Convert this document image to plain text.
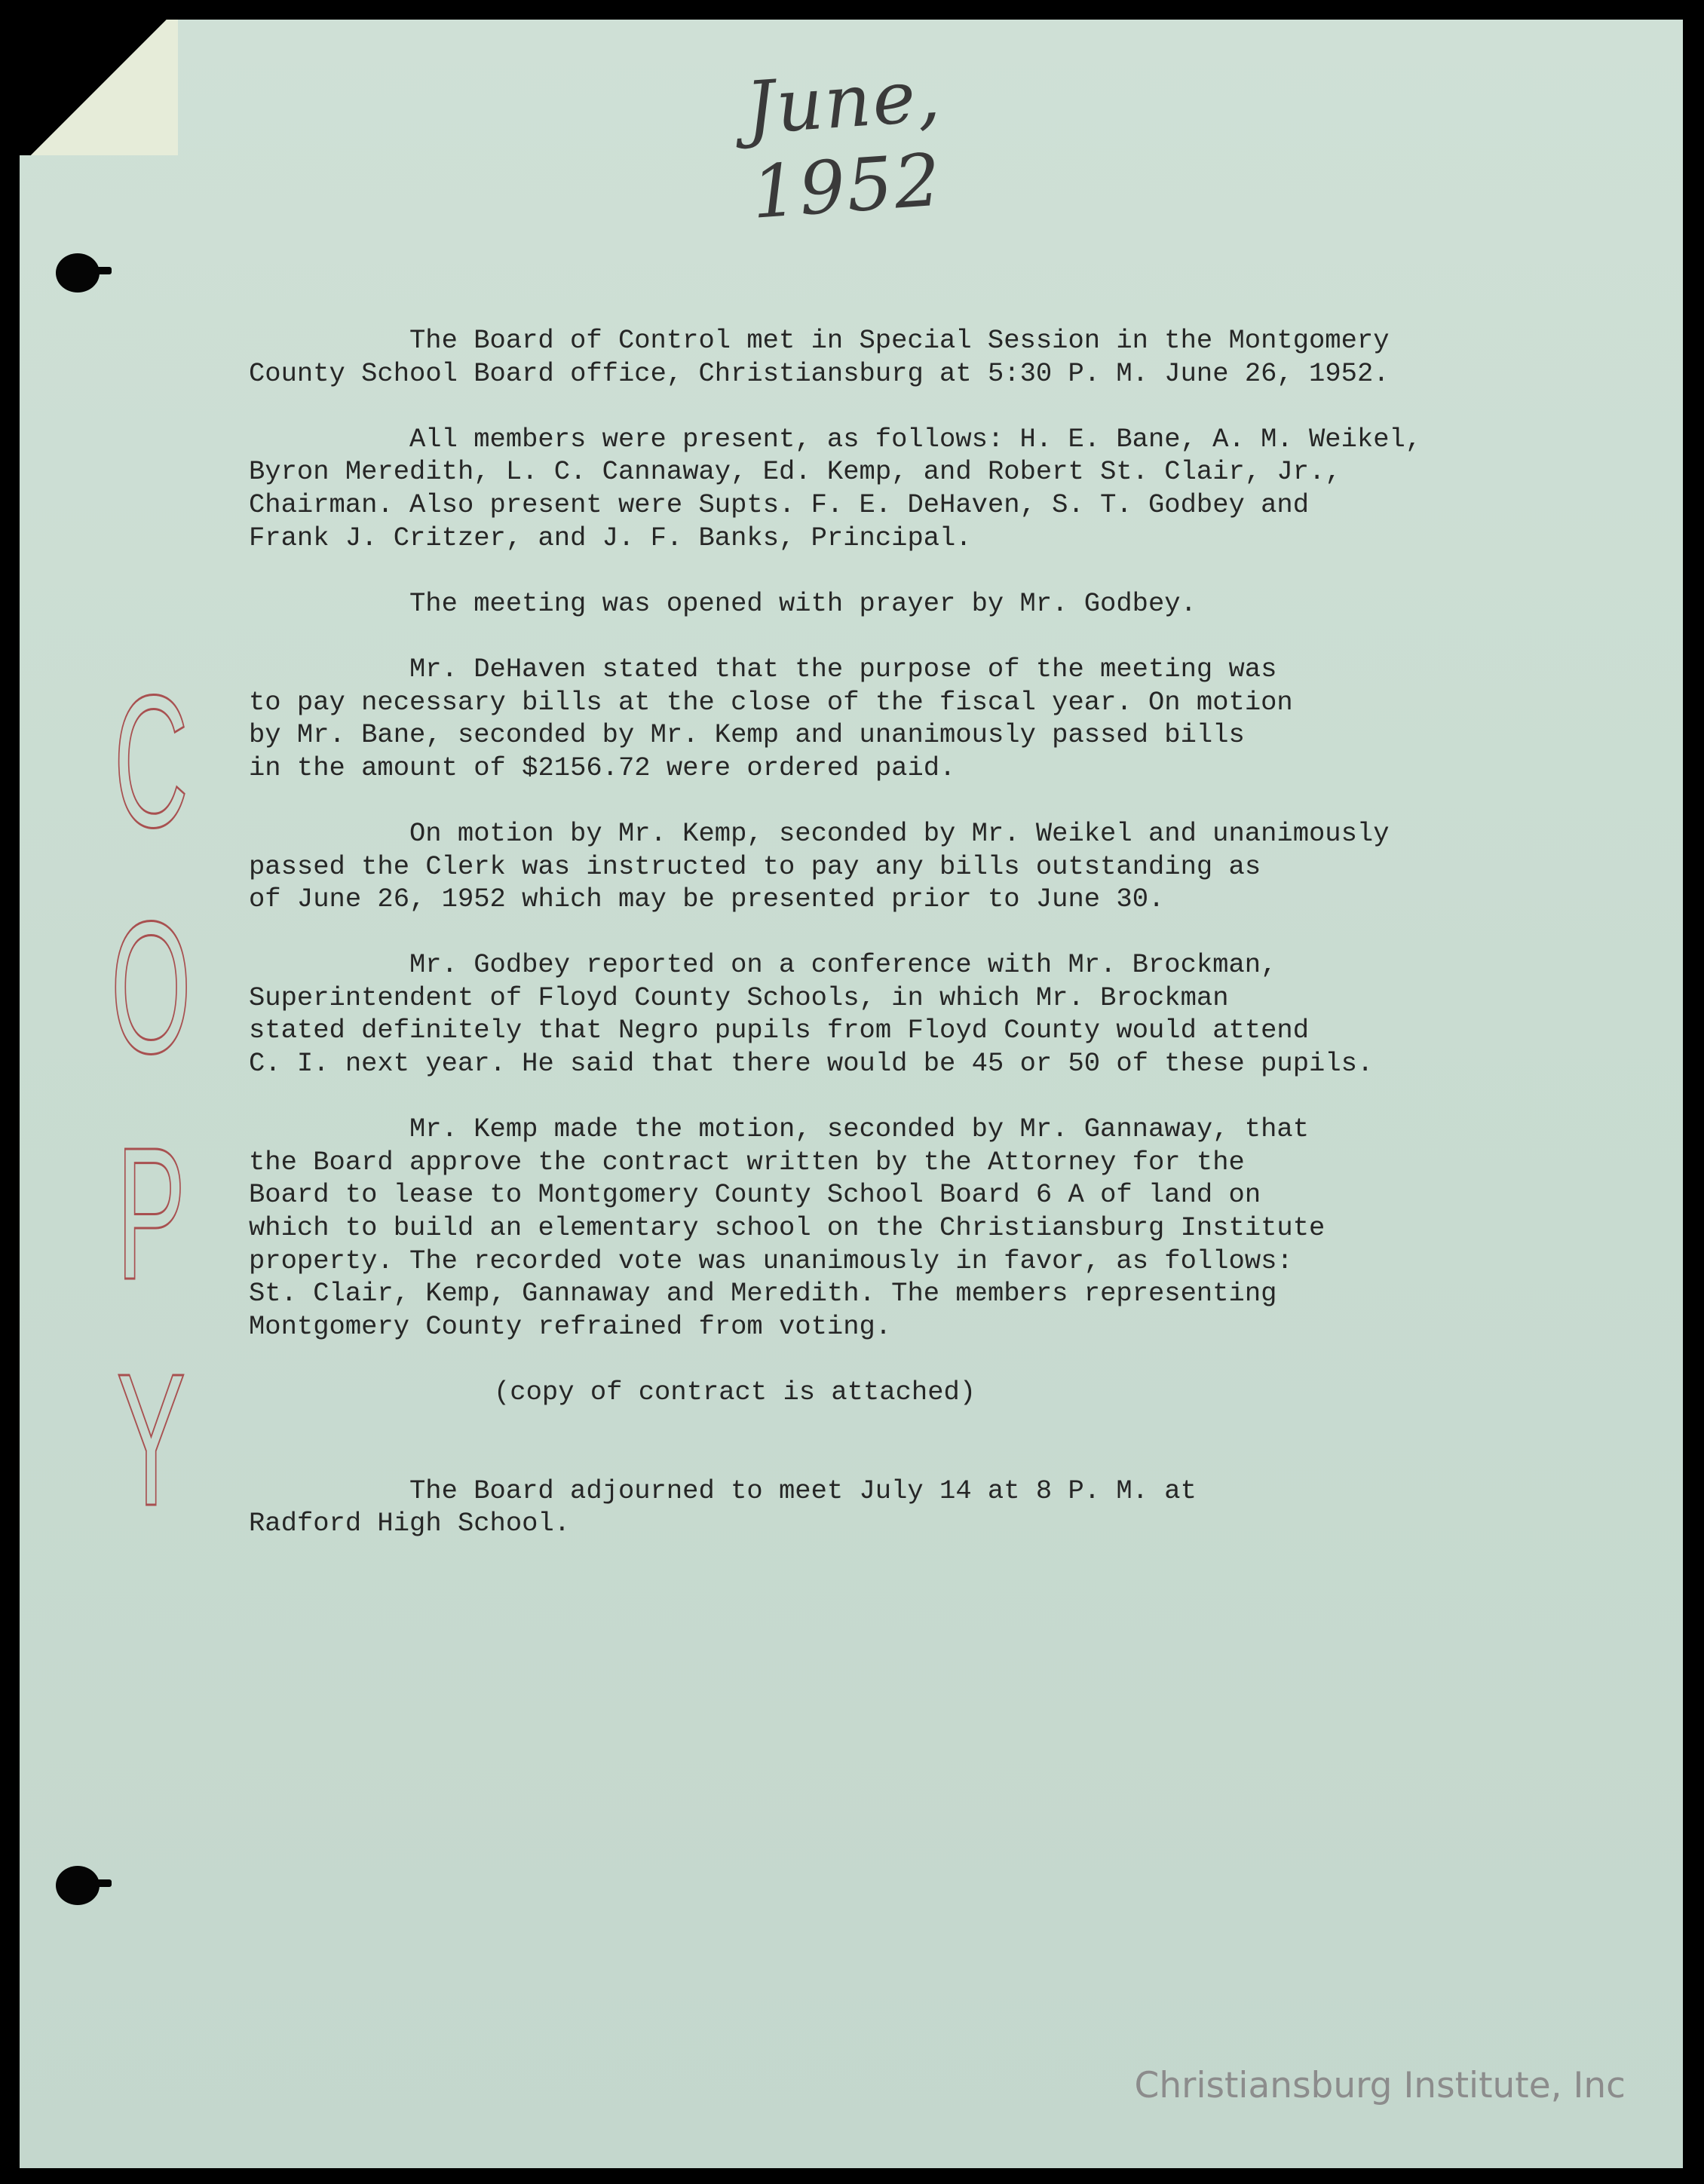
June, 1952
C
O
P
Y

The Board of Control met in Special Session in the Montgomery
County School Board office, Christiansburg at 5:30 P. M. June 26, 1952.

All members were present, as follows: H. E. Bane, A. M. Weikel,
Byron Meredith, L. C. Cannaway, Ed. Kemp, and Robert St. Clair, Jr.,
Chairman. Also present were Supts. F. E. DeHaven, S. T. Godbey and
Frank J. Critzer, and J. F. Banks, Principal.

The meeting was opened with prayer by Mr. Godbey.

Mr. DeHaven stated that the purpose of the meeting was
to pay necessary bills at the close of the fiscal year. On motion
by Mr. Bane, seconded by Mr. Kemp and unanimously passed bills
in the amount of $2156.72 were ordered paid.

On motion by Mr. Kemp, seconded by Mr. Weikel and unanimously
passed the Clerk was instructed to pay any bills outstanding as
of June 26, 1952 which may be presented prior to June 30.

Mr. Godbey reported on a conference with Mr. Brockman,
Superintendent of Floyd County Schools, in which Mr. Brockman
stated definitely that Negro pupils from Floyd County would attend
C. I. next year. He said that there would be 45 or 50 of these pupils.

Mr. Kemp made the motion, seconded by Mr. Gannaway, that
the Board approve the contract written by the Attorney for the
Board to lease to Montgomery County School Board 6 A of land on
which to build an elementary school on the Christiansburg Institute
property. The recorded vote was unanimously in favor, as follows:
St. Clair, Kemp, Gannaway and Meredith. The members representing
Montgomery County refrained from voting.

(copy of contract is attached)

The Board adjourned to meet July 14 at 8 P. M. at
Radford High School.

Christiansburg Institute, Inc
